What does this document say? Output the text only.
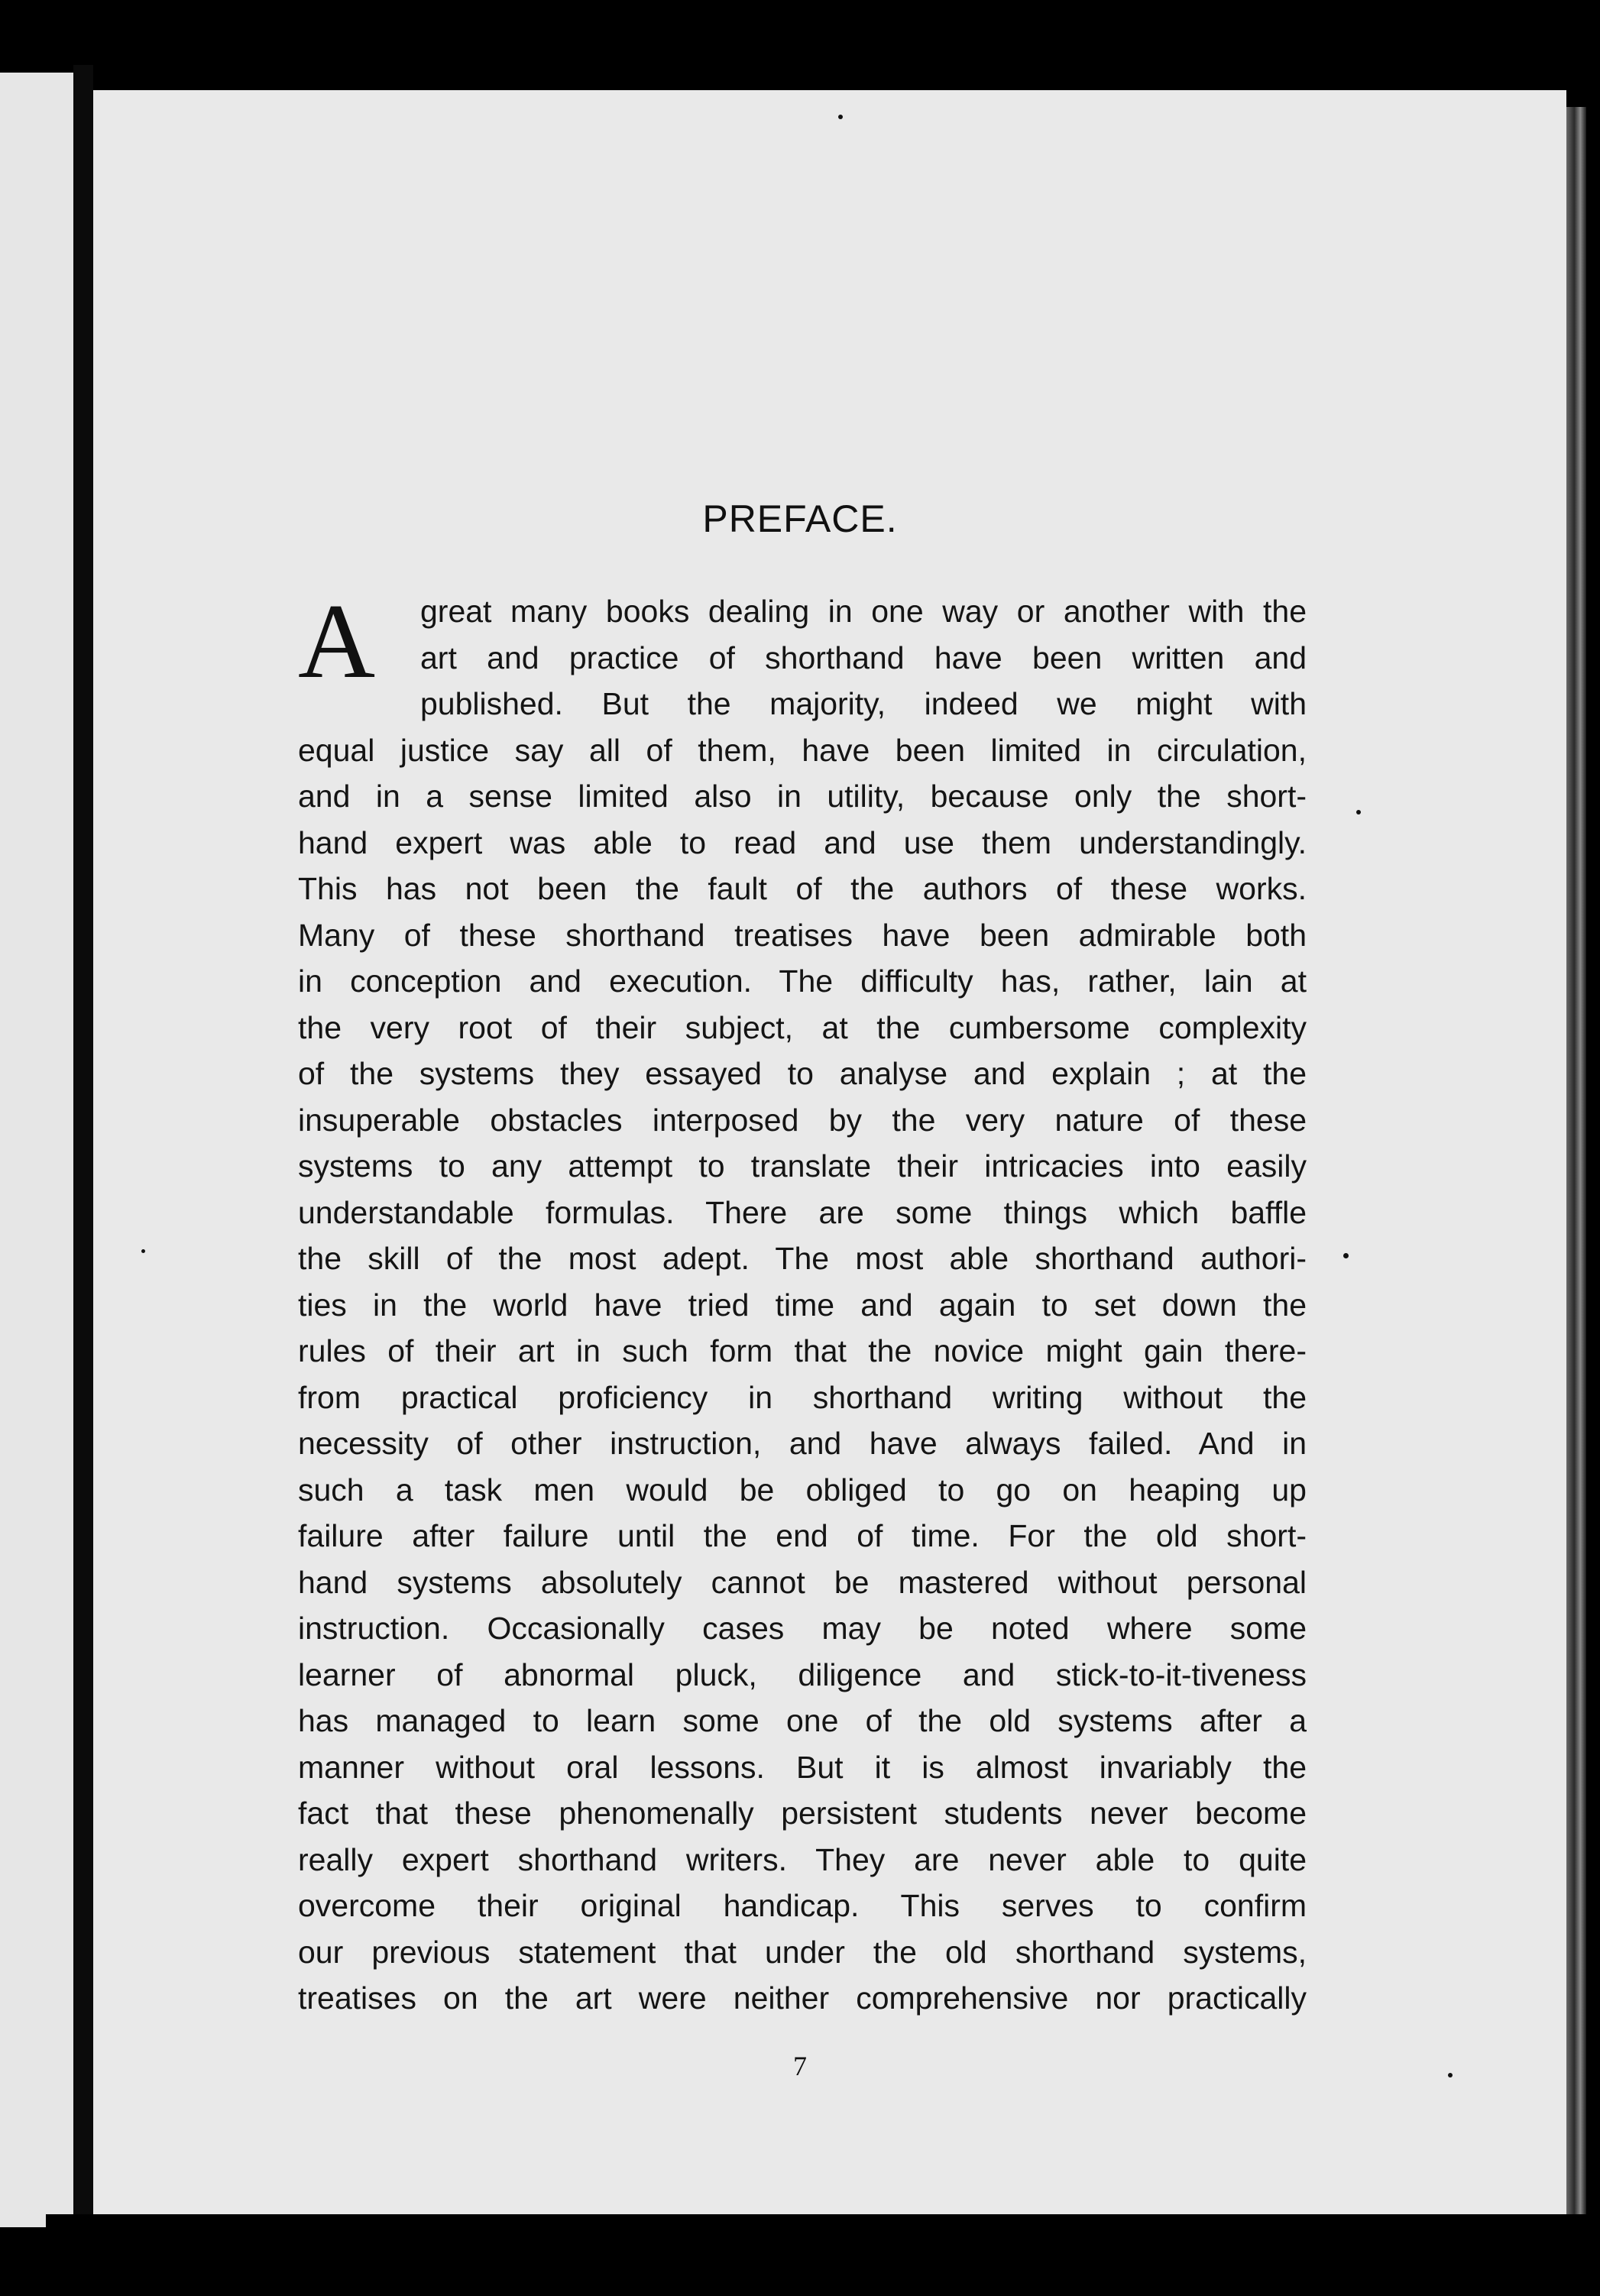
PREFACE.
A	great many books dealing in one way or another with the
art and practice of shorthand have been written and
published. But the majority, indeed we might with
equal justice say all of them, have been limited in circulation,
and in a sense limited also in utility, because only the short-
hand expert was able to read and use them understandingly.
This has not been the fault of the authors of these works.
Many of these shorthand treatises have been admirable both
in conception and execution. The difficulty has, rather, lain at
the very root of their subject, at the cumbersome complexity
of the systems they essayed to analyse and explain ; at the
insuperable obstacles interposed by the very nature of these
systems to any attempt to translate their intricacies into easily
understandable formulas. There are some things which baffle
the skill of the most adept. The most able shorthand authori-
ties in the world have tried time and again to set down the
rules of their art in such form that the novice might gain there-
from practical proficiency in shorthand writing without the
necessity of other instruction, and have always failed. And in
such a task men would be obliged to go on heaping up
failure after failure until the end of time. For the old short-
hand systems absolutely cannot be mastered without personal
instruction. Occasionally cases may be noted where some
learner of abnormal pluck, diligence and stick-to-it-tiveness
has managed to learn some one of the old systems after a
manner without oral lessons. But it is almost invariably the
fact that these phenomenally persistent students never become
really expert shorthand writers. They are never able to quite
overcome their original handicap. This serves to confirm
our previous statement that under the old shorthand systems,
treatises on the art were neither comprehensive nor practically
7
